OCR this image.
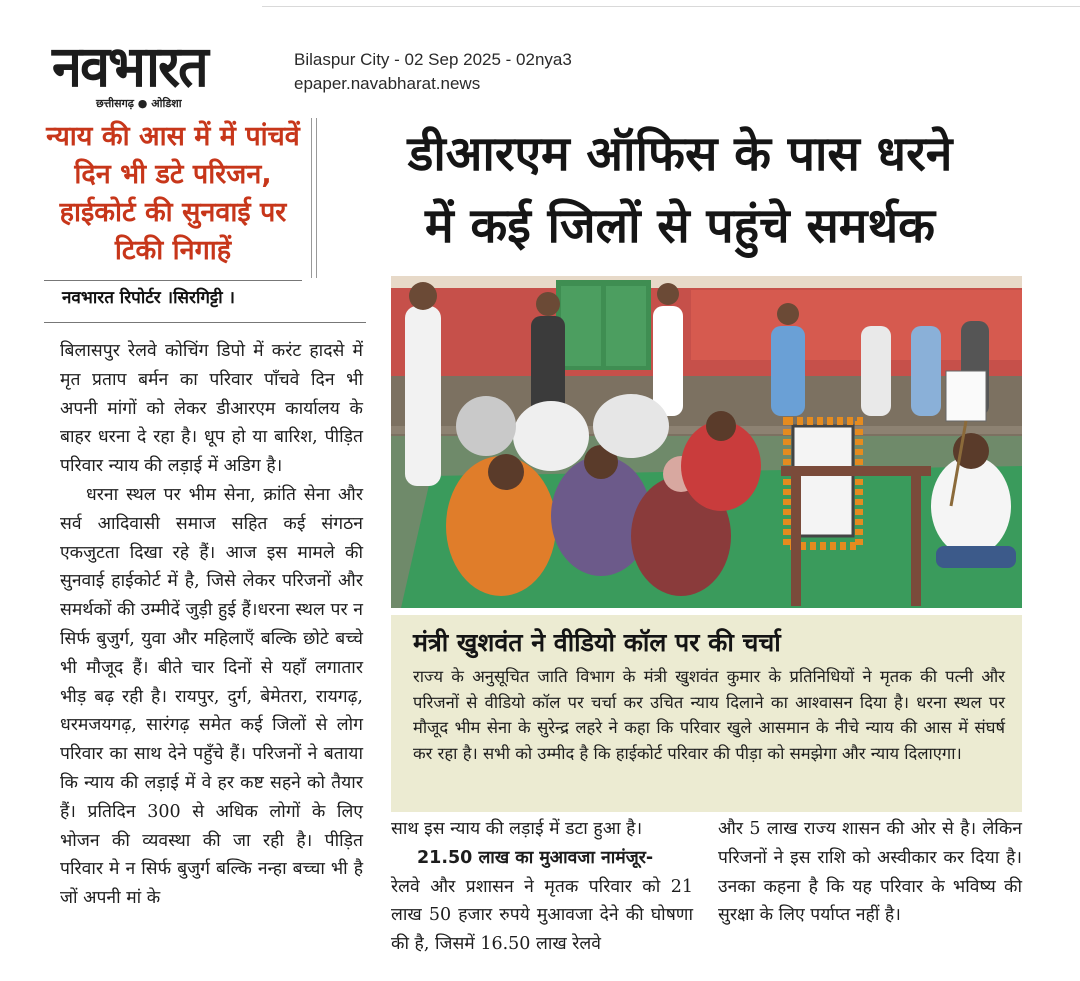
नवभारत
छत्तीसगढ़ ● ओडिशा
Bilaspur City - 02 Sep 2025 - 02nya3
epaper.navabharat.news
न्याय की आस में में पांचवें दिन भी डटे परिजन, हाईकोर्ट की सुनवाई पर टिकी निगाहें
नवभारत रिपोर्टर ।सिरगिट्टी ।
डीआरएम ऑफिस के पास धरने
में कई जिलों से पहुंचे समर्थक

बिलासपुर रेलवे कोचिंग डिपो में करंट हादसे में मृत प्रताप बर्मन का परिवार पाँचवे दिन भी अपनी मांगों को लेकर डीआरएम कार्यालय के बाहर धरना दे रहा है। धूप हो या बारिश, पीड़ित परिवार न्याय की लड़ाई में अडिग है।

धरना स्थल पर भीम सेना, क्रांति सेना और सर्व आदिवासी समाज सहित कई संगठन एकजुटता दिखा रहे हैं। आज इस मामले की सुनवाई हाईकोर्ट में है, जिसे लेकर परिजनों और समर्थकों की उम्मीदें जुड़ी हुई हैं।धरना स्थल पर न सिर्फ बुजुर्ग, युवा और महिलाएँ बल्कि छोटे बच्चे भी मौजूद हैं। बीते चार दिनों से यहाँ लगातार भीड़ बढ़ रही है। रायपुर, दुर्ग, बेमेतरा, रायगढ़, धरमजयगढ़, सारंगढ़ समेत कई जिलों से लोग परिवार का साथ देने पहुँचे हैं। परिजनों ने बताया कि न्याय की लड़ाई में वे हर कष्ट सहने को तैयार हैं। प्रतिदिन 300 से अधिक लोगों के लिए भोजन की व्यवस्था की जा रही है। पीड़ित परिवार मे न सिर्फ बुजुर्ग बल्कि नन्हा बच्चा भी है जों अपनी मां के

मंत्री खुशवंत ने वीडियो कॉल पर की चर्चा
राज्य के अनुसूचित जाति विभाग के मंत्री खुशवंत कुमार के प्रतिनिधियों ने मृतक की पत्नी और परिजनों से वीडियो कॉल पर चर्चा कर उचित न्याय दिलाने का आश्वासन दिया है। धरना स्थल पर मौजूद भीम सेना के सुरेन्द्र लहरे ने कहा कि परिवार खुले आसमान के नीचे न्याय की आस में संघर्ष कर रहा है। सभी को उम्मीद है कि हाईकोर्ट परिवार की पीड़ा को समझेगा और न्याय दिलाएगा।

साथ इस न्याय की लड़ाई में डटा हुआ है।

21.50 लाख का मुआवजा नामंजूर-

रेलवे और प्रशासन ने मृतक परिवार को 21 लाख 50 हजार रुपये मुआवजा देने की घोषणा की है, जिसमें 16.50 लाख रेलवे

और 5 लाख राज्य शासन की ओर से है। लेकिन परिजनों ने इस राशि को अस्वीकार कर दिया है। उनका कहना है कि यह परिवार के भविष्य की सुरक्षा के लिए पर्याप्त नहीं है।
